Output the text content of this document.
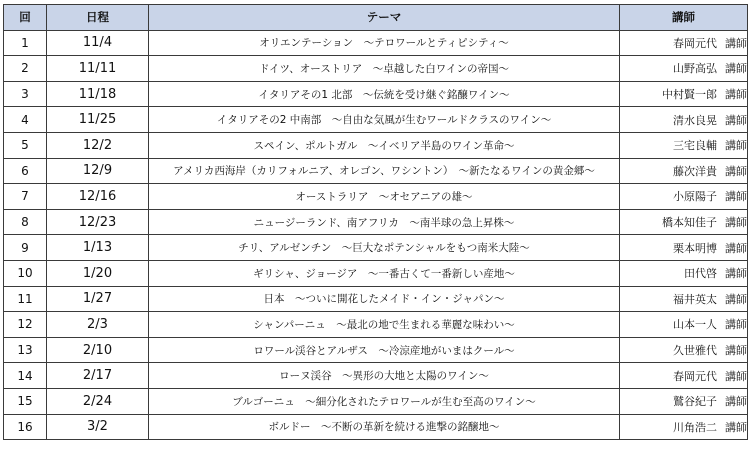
回	日程	テーマ	講師
1	11/4	オリエンテーション　～テロワールとティピシティ～	春岡元代 講師
2	11/11	ドイツ、オーストリア　～卓越した白ワインの帝国～	山野高弘 講師
3	11/18	イタリアその1 北部　～伝統を受け継ぐ銘醸ワイン～	中村賢一郎 講師
4	11/25	イタリアその2 中南部　～自由な気風が生むワールドクラスのワイン～	清水良晃 講師
5	12/2	スペイン、ポルトガル　～イベリア半島のワイン革命～	三宅良輔 講師
6	12/9	アメリカ西海岸（カリフォルニア、オレゴン、ワシントン）　～新たなるワインの黄金郷～	藤次洋貴 講師
7	12/16	オーストラリア　～オセアニアの雄～	小原陽子 講師
8	12/23	ニュージーランド、南アフリカ　～南半球の急上昇株～	橋本知佳子 講師
9	1/13	チリ、アルゼンチン　～巨大なポテンシャルをもつ南米大陸～	栗本明博 講師
10	1/20	ギリシャ、ジョージア　～一番古くて一番新しい産地～	田代啓 講師
11	1/27	日本　～ついに開花したメイド・イン・ジャパン～	福井英太 講師
12	2/3	シャンパーニュ　～最北の地で生まれる華麗な味わい～	山本一人 講師
13	2/10	ロワール渓谷とアルザス　～冷涼産地がいまはクール～	久世雅代 講師
14	2/17	ローヌ渓谷　～異形の大地と太陽のワイン～	春岡元代 講師
15	2/24	ブルゴーニュ　～細分化されたテロワールが生む至高のワイン～	鷲谷紀子 講師
16	3/2	ボルドー　～不断の革新を続ける進撃の銘醸地～	川角浩二 講師
